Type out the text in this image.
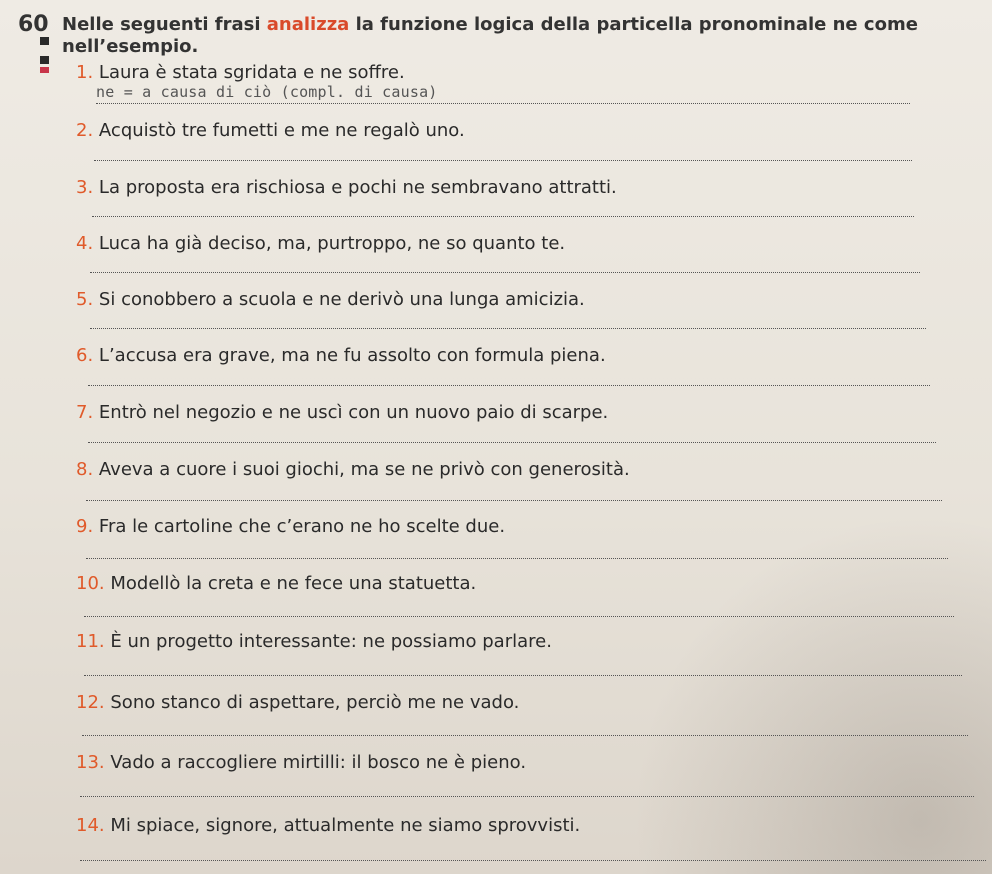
60 Nelle seguenti frasi analizza la funzione logica della particella pronominale ne come
nell’esempio.
ne = a causa di ciò (compl. di causa)
1. Laura è stata sgridata e ne soffre.
2. Acquistò tre fumetti e me ne regalò uno.
3. La proposta era rischiosa e pochi ne sembravano attratti.
4. Luca ha già deciso, ma, purtroppo, ne so quanto te.
5. Si conobbero a scuola e ne derivò una lunga amicizia.
6. L’accusa era grave, ma ne fu assolto con formula piena.
7. Entrò nel negozio e ne uscì con un nuovo paio di scarpe.
8. Aveva a cuore i suoi giochi, ma se ne privò con generosità.
9. Fra le cartoline che c’erano ne ho scelte due.
10. Modellò la creta e ne fece una statuetta.
11. È un progetto interessante: ne possiamo parlare.
12. Sono stanco di aspettare, perciò me ne vado.
13. Vado a raccogliere mirtilli: il bosco ne è pieno.
14. Mi spiace, signore, attualmente ne siamo sprovvisti.
